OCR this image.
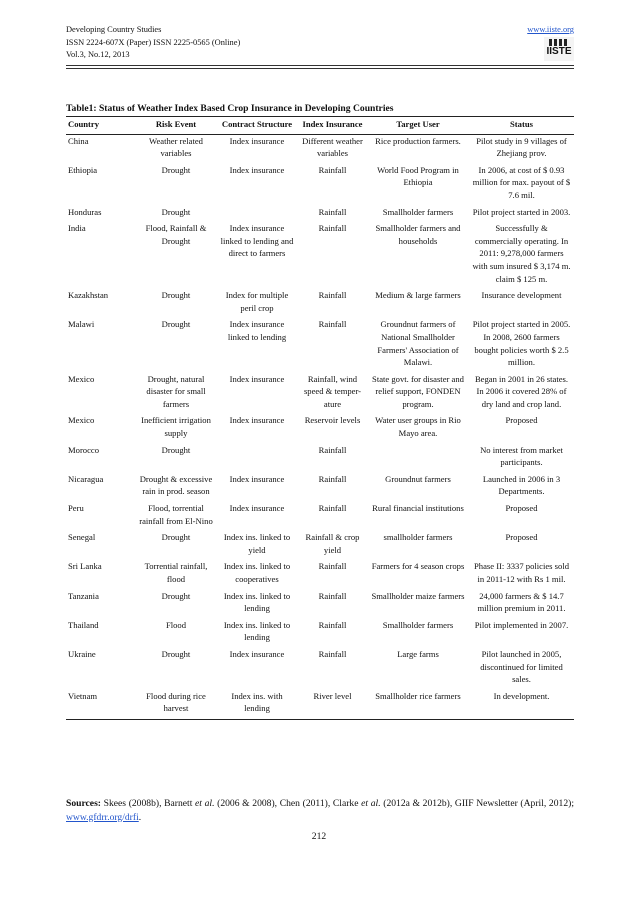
Developing Country Studies	www.iiste.org
ISSN 2224-607X (Paper) ISSN 2225-0565 (Online)
Vol.3, No.12, 2013	IISTE
Table1: Status of Weather Index Based Crop Insurance in Developing Countries
Country	Risk Event	Contract Structure	Index Insurance	Target User	Status
China	Weather related variables	Index insurance	Different weather variables	Rice production farmers.	Pilot study in 9 villages of Zhejiang prov.
Ethiopia	Drought	Index insurance	Rainfall	World Food Program in Ethiopia	In 2006, at cost of $ 0.93 million for max. payout of $ 7.6 mil.
Honduras	Drought		Rainfall	Smallholder farmers	Pilot project started in 2003.
India	Flood, Rainfall & Drought	Index insurance linked to lending and direct to farmers	Rainfall	Smallholder farmers and households	Successfully & commercially operating. In 2011: 9,278,000 farmers with sum insured $ 3,174 m. claim $ 125 m.
Kazakhstan	Drought	Index for multiple peril crop	Rainfall	Medium & large farmers	Insurance development
Malawi	Drought	Index insurance linked to lending	Rainfall	Groundnut farmers of National Smallholder Farmers' Association of Malawi.	Pilot project started in 2005. In 2008, 2600 farmers bought policies worth $ 2.5 million.
Mexico	Drought, natural disaster for small farmers	Index insurance	Rainfall, wind speed & temper-ature	State govt. for disaster and relief support, FONDEN program.	Began in 2001 in 26 states. In 2006 it covered 28% of dry land and crop land.
Mexico	Inefficient irrigation supply	Index insurance	Reservoir levels	Water user groups in Rio Mayo area.	Proposed
Morocco	Drought		Rainfall		No interest from market participants.
Nicaragua	Drought & excessive rain in prod. season	Index insurance	Rainfall	Groundnut farmers	Launched in 2006 in 3 Departments.
Peru	Flood, torrential rainfall from El-Nino	Index insurance	Rainfall	Rural financial institutions	Proposed
Senegal	Drought	Index ins. linked to yield	Rainfall & crop yield	smallholder farmers	Proposed
Sri Lanka	Torrential rainfall, flood	Index ins. linked to cooperatives	Rainfall	Farmers for 4 season crops	Phase II: 3337 policies sold in 2011-12 with Rs 1 mil.
Tanzania	Drought	Index ins. linked to lending	Rainfall	Smallholder maize farmers	24,000 farmers & $ 14.7 million premium in 2011.
Thailand	Flood	Index ins. linked to lending	Rainfall	Smallholder farmers	Pilot implemented in 2007.
Ukraine	Drought	Index insurance	Rainfall	Large farms	Pilot launched in 2005, discontinued for limited sales.
Vietnam	Flood during rice harvest	Index ins. with lending	River level	Smallholder rice farmers	In development.
Sources: Skees (2008b), Barnett et al. (2006 & 2008), Chen (2011), Clarke et al. (2012a & 2012b), GIIF Newsletter (April, 2012); www.gfdrr.org/drfi.
212
